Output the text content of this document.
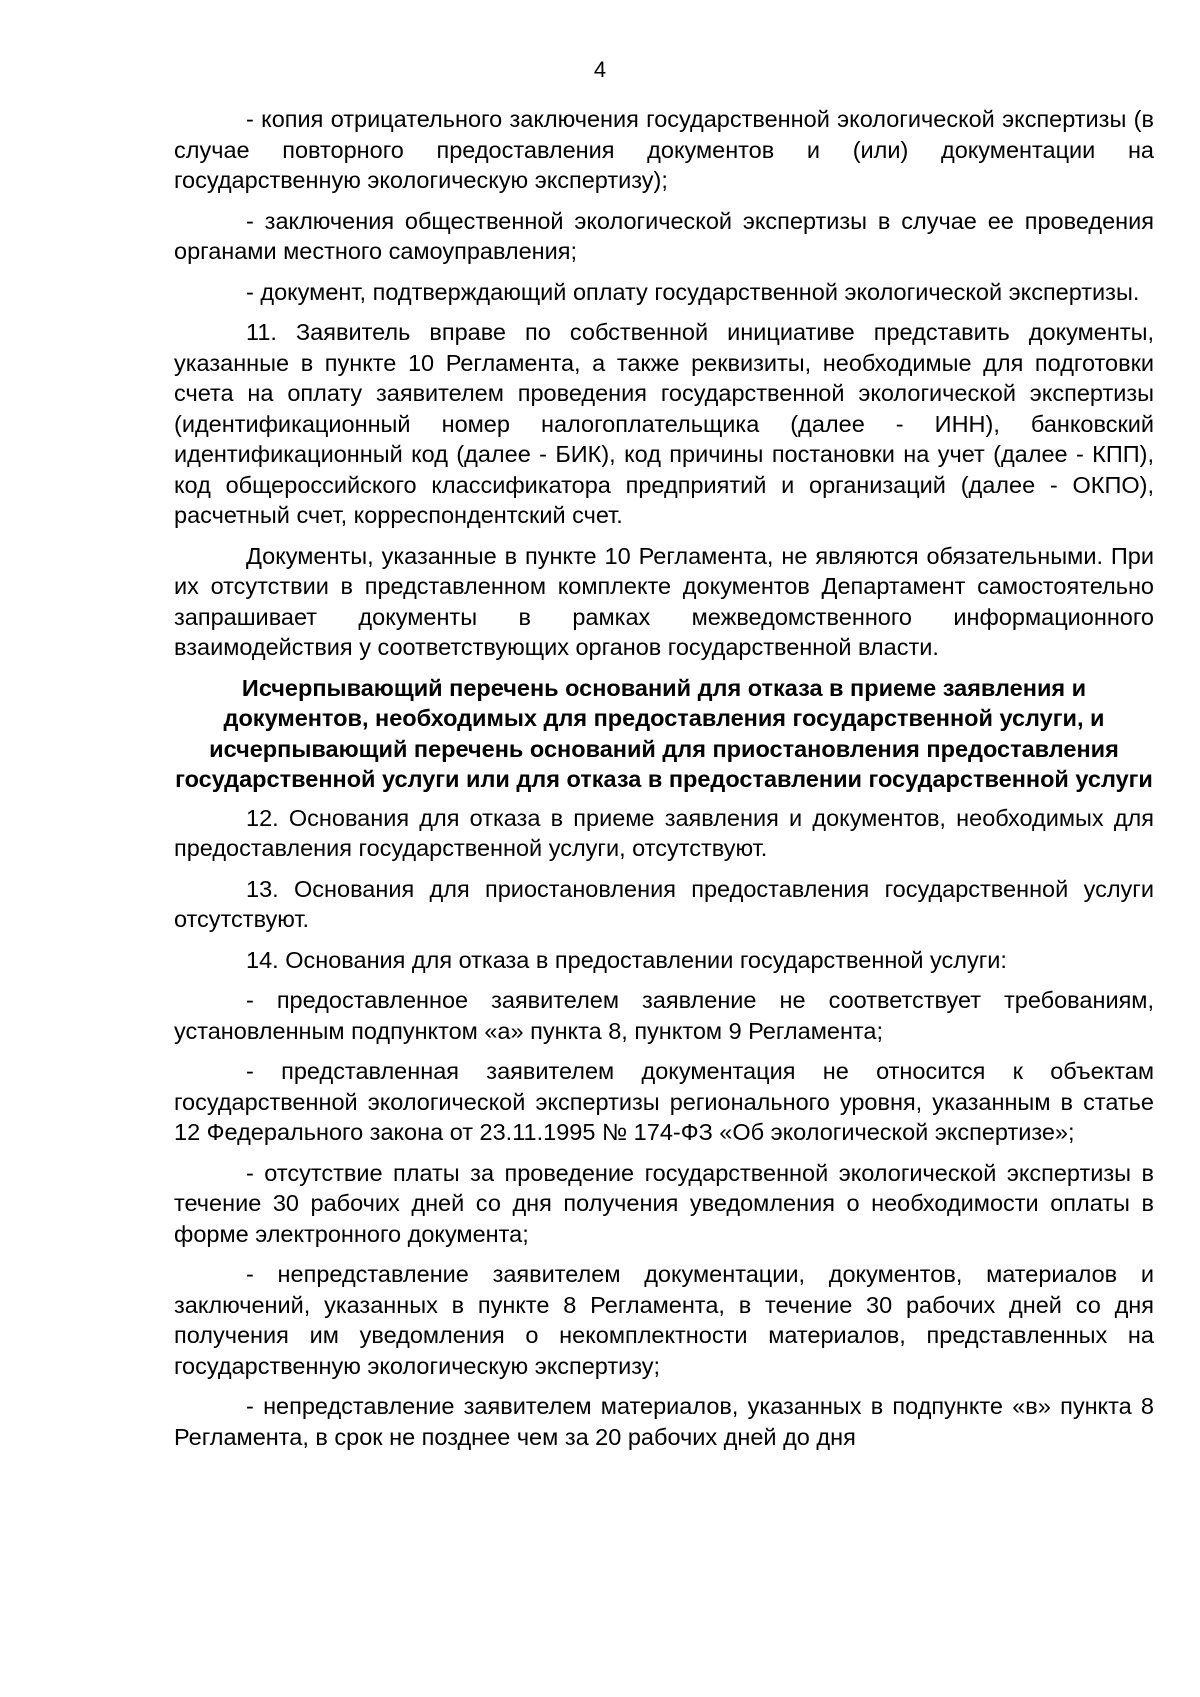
4

- копия отрицательного заключения государственной экологической экспертизы (в случае повторного предоставления документов и (или) документации на государственную экологическую экспертизу);

- заключения общественной экологической экспертизы в случае ее проведения органами местного самоуправления;

- документ, подтверждающий оплату государственной экологической экспертизы.

11. Заявитель вправе по собственной инициативе представить документы, указанные в пункте 10 Регламента, а также реквизиты, необходимые для подготовки счета на оплату заявителем проведения государственной экологической экспертизы (идентификационный номер налогоплательщика (далее - ИНН), банковский идентификационный код (далее - БИК), код причины постановки на учет (далее - КПП), код общероссийского классификатора предприятий и организаций (далее - ОКПО), расчетный счет, корреспондентский счет.

Документы, указанные в пункте 10 Регламента, не являются обязательными. При их отсутствии в представленном комплекте документов Департамент самостоятельно запрашивает документы в рамках межведомственного информационного взаимодействия у соответствующих органов государственной власти.

Исчерпывающий перечень оснований для отказа в приеме заявления и документов, необходимых для предоставления государственной услуги, и исчерпывающий перечень оснований для приостановления предоставления государственной услуги или для отказа в предоставлении государственной услуги

12. Основания для отказа в приеме заявления и документов, необходимых для предоставления государственной услуги, отсутствуют.

13. Основания для приостановления предоставления государственной услуги отсутствуют.

14. Основания для отказа в предоставлении государственной услуги:

- предоставленное заявителем заявление не соответствует требованиям, установленным подпунктом «а» пункта 8, пунктом 9 Регламента;

- представленная заявителем документация не относится к объектам государственной экологической экспертизы регионального уровня, указанным в статье 12 Федерального закона от 23.11.1995 № 174-ФЗ «Об экологической экспертизе»;

- отсутствие платы за проведение государственной экологической экспертизы в течение 30 рабочих дней со дня получения уведомления о необходимости оплаты в форме электронного документа;

- непредставление заявителем документации, документов, материалов и заключений, указанных в пункте 8 Регламента, в течение 30 рабочих дней со дня получения им уведомления о некомплектности материалов, представленных на государственную экологическую экспертизу;

- непредставление заявителем материалов, указанных в подпункте «в» пункта 8 Регламента, в срок не позднее чем за 20 рабочих дней до дня
